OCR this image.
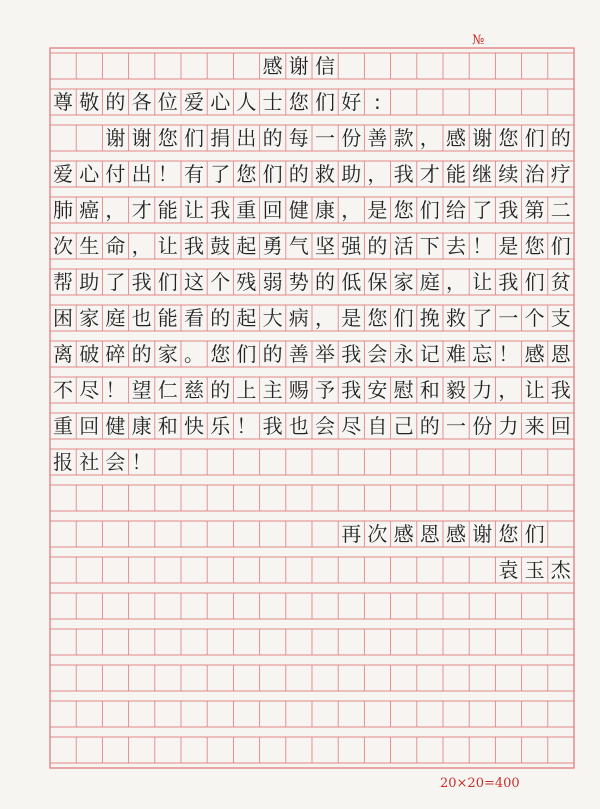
№
感 谢 信
尊 敬 的 各 位 爱 心 人 士 您 们 好 :
谢 谢 您 们 捐 出 的 每 一 份 善 款 ， 感 谢 您 们 的
爱 心 付 出 ！ 有 了 您 们 的 救 助 ， 我 才 能 继 续 治 疗
肺 癌 ， 才 能 让 我 重 回 健 康 ， 是 您 们 给 了 我 第 二
次 生 命 ， 让 我 鼓 起 勇 气 坚 强 的 活 下 去 ！ 是 您 们
帮 助 了 我 们 这 个 残 弱 势 的 低 保 家 庭 ， 让 我 们 贫
困 家 庭 也 能 看 的 起 大 病 ， 是 您 们 挽 救 了 一 个 支
离 破 碎 的 家 。 您 们 的 善 举 我 会 永 记 难 忘 ！ 感 恩
不 尽 ！ 望 仁 慈 的 上 主 赐 予 我 安 慰 和 毅 力 ， 让 我
重 回 健 康 和 快 乐 ！ 我 也 会 尽 自 己 的 一 份 力 来 回
报 社 会 ！
再 次 感 恩 感 谢 您 们
袁 玉 杰
20×20=400
